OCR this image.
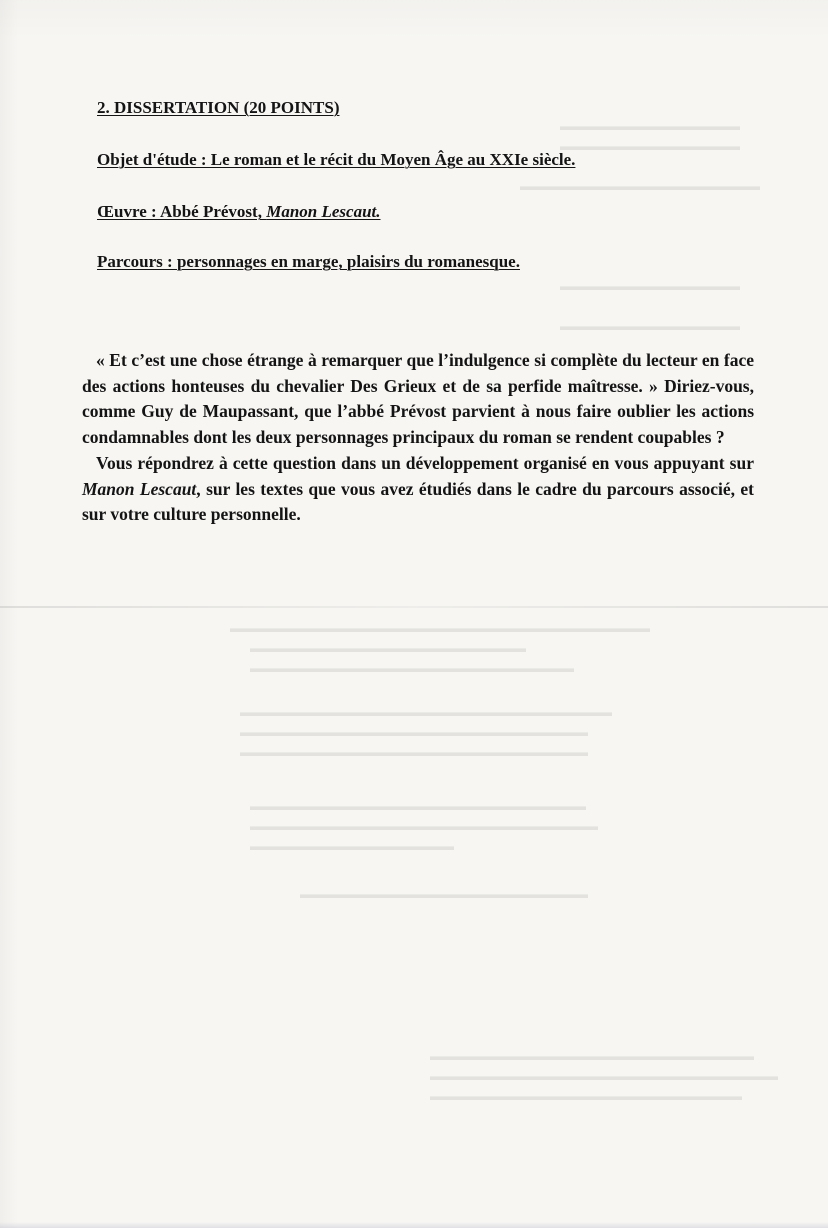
▬▬▬▬▬▬▬▬▬▬▬▬▬▬▬
▬▬▬▬▬▬▬▬▬▬▬▬▬▬▬
▬▬▬▬▬▬▬▬▬▬▬▬▬▬▬▬▬▬▬▬
▬▬▬▬▬▬▬▬▬▬▬▬▬▬▬
▬▬▬▬▬▬▬▬▬▬▬▬▬▬▬
▬▬▬▬▬▬▬▬▬▬▬▬▬▬▬▬▬▬▬▬▬▬▬▬▬▬▬▬▬▬▬▬▬▬▬
▬▬▬▬▬▬▬▬▬▬▬▬▬▬▬▬▬▬▬▬▬▬▬
▬▬▬▬▬▬▬▬▬▬▬▬▬▬▬▬▬▬▬▬▬▬▬▬▬▬▬
▬▬▬▬▬▬▬▬▬▬▬▬▬▬▬▬▬▬▬▬▬▬▬▬▬▬▬▬▬▬▬
▬▬▬▬▬▬▬▬▬▬▬▬▬▬▬▬▬▬▬▬▬▬▬▬▬▬▬▬▬
▬▬▬▬▬▬▬▬▬▬▬▬▬▬▬▬▬▬▬▬▬▬▬▬▬▬▬▬▬
▬▬▬▬▬▬▬▬▬▬▬▬▬▬▬▬▬▬▬▬▬▬▬▬▬▬▬▬
▬▬▬▬▬▬▬▬▬▬▬▬▬▬▬▬▬▬▬▬▬▬▬▬▬▬▬▬▬
▬▬▬▬▬▬▬▬▬▬▬▬▬▬▬▬▬
▬▬▬▬▬▬▬▬▬▬▬▬▬▬▬▬▬▬▬▬▬▬▬▬
▬▬▬▬▬▬▬▬▬▬▬▬▬▬▬▬▬▬▬▬▬▬▬▬▬▬▬
▬▬▬▬▬▬▬▬▬▬▬▬▬▬▬▬▬▬▬▬▬▬▬▬▬▬▬▬▬
▬▬▬▬▬▬▬▬▬▬▬▬▬▬▬▬▬▬▬▬▬▬▬▬▬▬
2. DISSERTATION (20 POINTS)
Objet d'étude : Le roman et le récit du Moyen Âge au XXIe siècle.
Œuvre : Abbé Prévost, Manon Lescaut.
Parcours : personnages en marge, plaisirs du romanesque.

« Et c’est une chose étrange à remarquer que l’indulgence si complète du lecteur en face des actions honteuses du chevalier Des Grieux et de sa perfide maîtresse. » Diriez-vous, comme Guy de Maupassant, que l’abbé Prévost parvient à nous faire oublier les actions condamnables dont les deux personnages principaux du roman se rendent coupables ?

Vous répondrez à cette question dans un développement organisé en vous appuyant sur Manon Lescaut, sur les textes que vous avez étudiés dans le cadre du parcours associé, et sur votre culture personnelle.
